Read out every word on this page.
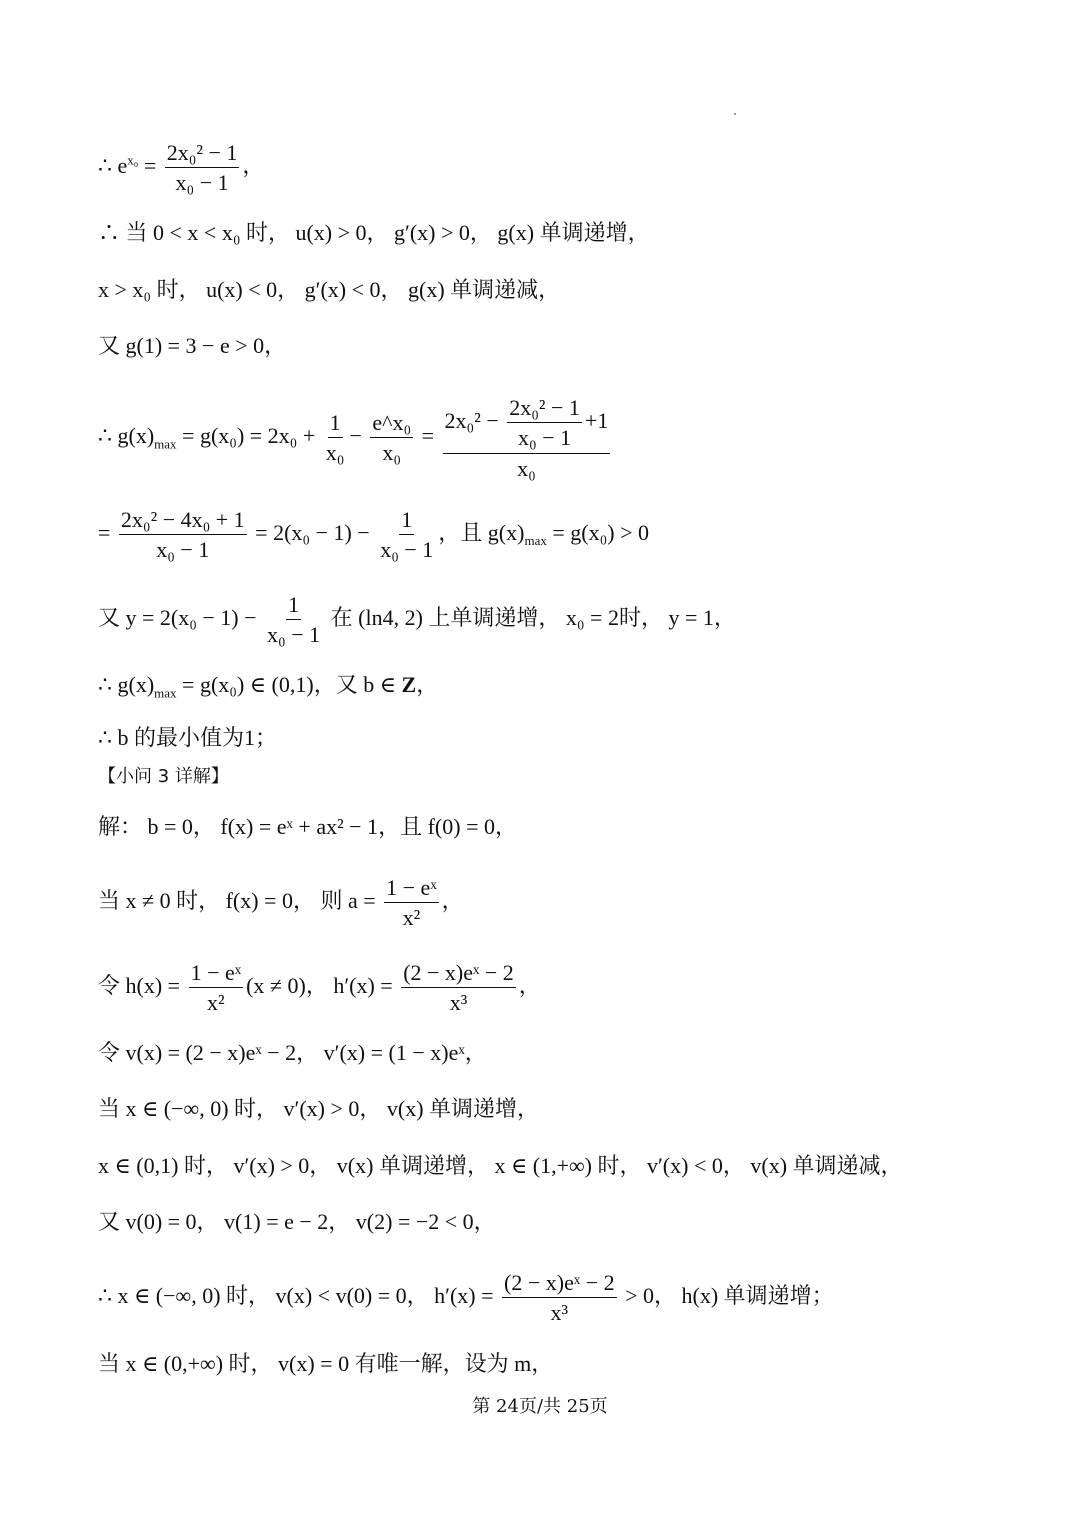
∴ $e^{x_0} = \frac{\text{2x₀² − 1}}{\text{x₀ − 1}}$ ，
∴ 当 0 < x < x₀ 时， u(x) > 0， g′(x) > 0， g(x) 单调递增，
x > x₀ 时， u(x) < 0， g′(x) < 0， g(x) 单调递减，
又 g(1) = 3 − e > 0，
∴ $g(x)_{max} = g(x_0) = 2x_0 + \frac{1}{\text{x₀}} - \frac{\text{e\textasciicircum{}x₀}}{\text{x₀}} = \frac{2x_0^2 - \frac{\text{2x₀² − 1}}{\text{x₀ − 1}} +1}{\text{x₀}}$
= $\frac{\text{2x₀² − 4x₀ + 1}}{\text{x₀ − 1}} = 2(x_0 - 1) - \frac{1}{\text{x₀ − 1}}$ ，且 $g(x)_{max} = g(x_0) > 0$
又 $y = 2(x_0 - 1) - \frac{1}{\text{x₀ − 1}}$ 在 (ln4, 2) 上单调递增， x₀ = 2时， y = 1，
∴ $g(x)_{max} = g(x_0)$ ∈ (0,1)，又 b ∈ Z，
∴ b 的最小值为1；
【小问 3 详解】
解： b = 0， f(x) = eˣ + ax² − 1，且 f(0) = 0，
当 x ≠ 0 时， f(x) = 0， 则 $a = \frac{\text{1 − eˣ}}{\text{x²}}$ ，
令 $h(x) = \frac{\text{1 − eˣ}}{\text{x²}} (x \ne 0)$， $h'(x) = \frac{\text{(2 − x)eˣ − 2}}{\text{x³}}$ ，
令 v(x) = (2 − x)eˣ − 2， v′(x) = (1 − x)eˣ，
当 x ∈ (−∞, 0) 时， v′(x) > 0， v(x) 单调递增，
x ∈ (0,1) 时， v′(x) > 0， v(x) 单调递增， x ∈ (1,+∞) 时， v′(x) < 0， v(x) 单调递减，
又 v(0) = 0， v(1) = e − 2， v(2) = −2 < 0，
∴ x ∈ (−∞, 0) 时， v(x) < v(0) = 0， $h'(x) = \frac{\text{(2 − x)eˣ − 2}}{\text{x³}} > 0$， h(x) 单调递增；
当 x ∈ (0,+∞) 时， v(x) = 0 有唯一解，设为 m，
第 24页/共 25页
